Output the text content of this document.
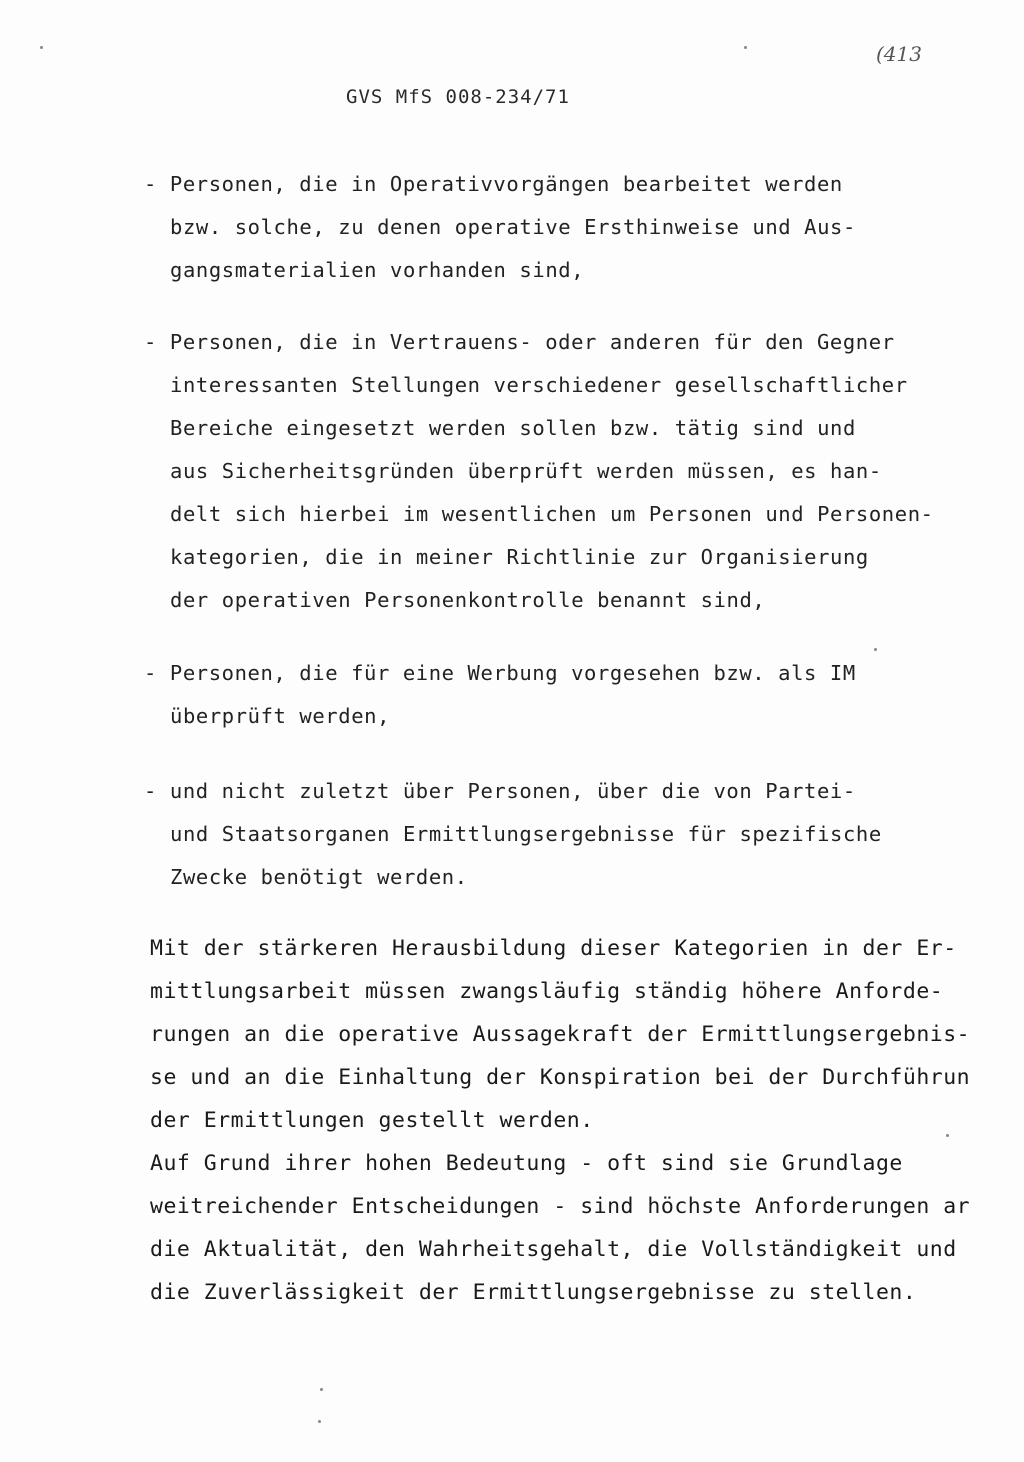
(413
GVS MfS 008-234/71
- Personen, die in Operativvorgängen bearbeitet werden
bzw. solche, zu denen operative Ersthinweise und Aus-
gangsmaterialien vorhanden sind,
- Personen, die in Vertrauens- oder anderen für den Gegner
interessanten Stellungen verschiedener gesellschaftlicher
Bereiche eingesetzt werden sollen bzw. tätig sind und
aus Sicherheitsgründen überprüft werden müssen, es han-
delt sich hierbei im wesentlichen um Personen und Personen-
kategorien, die in meiner Richtlinie zur Organisierung
der operativen Personenkontrolle benannt sind,
- Personen, die für eine Werbung vorgesehen bzw. als IM
überprüft werden,
- und nicht zuletzt über Personen, über die von Partei-
und Staatsorganen Ermittlungsergebnisse für spezifische
Zwecke benötigt werden.
Mit der stärkeren Herausbildung dieser Kategorien in der Er-
mittlungsarbeit müssen zwangsläufig ständig höhere Anforde-
rungen an die operative Aussagekraft der Ermittlungsergebnis-
se und an die Einhaltung der Konspiration bei der Durchführun
der Ermittlungen gestellt werden.
Auf Grund ihrer hohen Bedeutung - oft sind sie Grundlage
weitreichender Entscheidungen - sind höchste Anforderungen ar
die Aktualität, den Wahrheitsgehalt, die Vollständigkeit und
die Zuverlässigkeit der Ermittlungsergebnisse zu stellen.
